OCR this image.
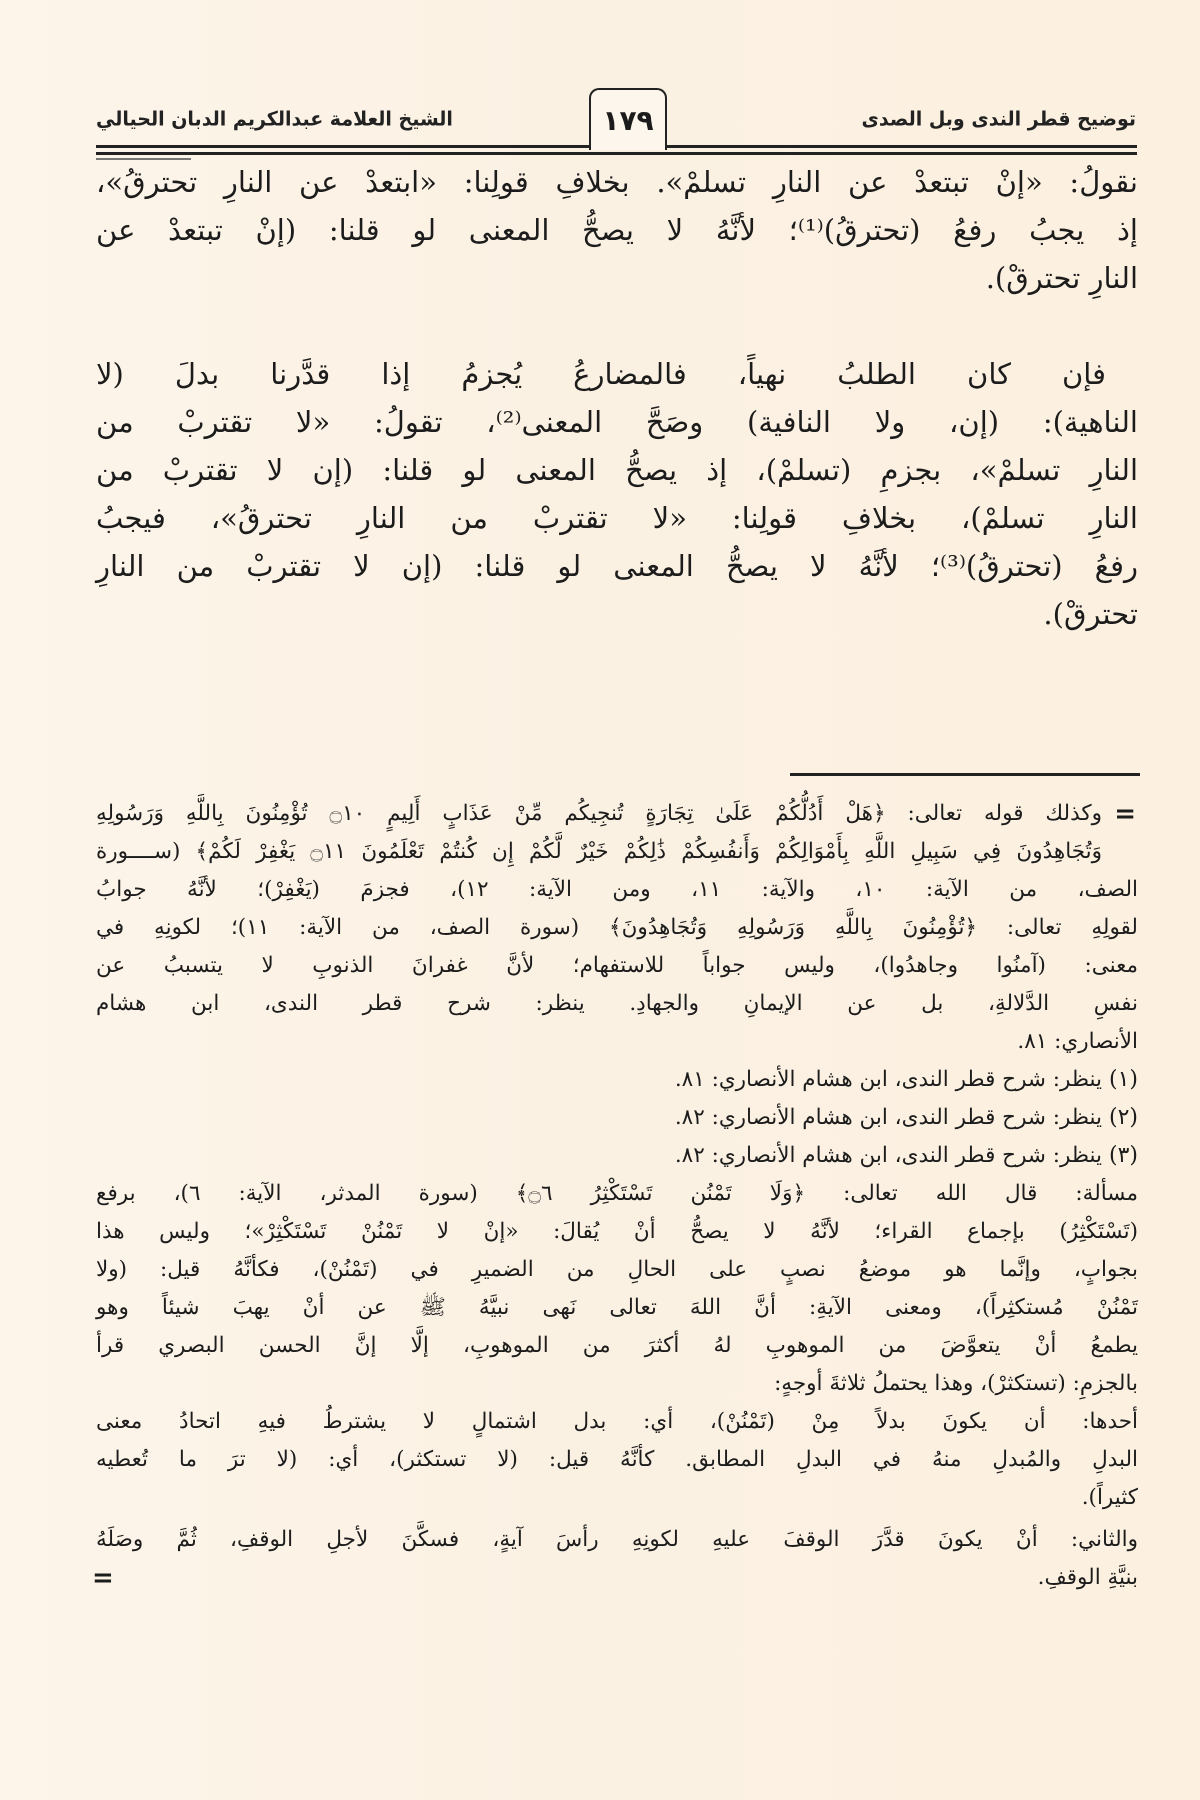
توضيح قطر الندى وبل الصدى
١٧٩
الشيخ العلامة عبدالكريم الدبان الحيالي
نقولُ: «إنْ تبتعدْ عن النارِ تسلمْ». بخلافِ قولِنا: «ابتعدْ عن النارِ تحترقُ»،
إذ يجبُ رفعُ (تحترقُ)⁽¹⁾؛ لأنَّهُ لا يصحُّ المعنى لو قلنا: (إنْ تبتعدْ عن
النارِ تحترقْ).
فإن كان الطلبُ نهياً، فالمضارعُ يُجزمُ إذا قدَّرنا بدلَ (لا
الناهية): (إن، ولا النافية) وصَحَّ المعنى⁽²⁾، تقولُ: «لا تقتربْ من
النارِ تسلمْ»، بجزمِ (تسلمْ)، إذ يصحُّ المعنى لو قلنا: (إن لا تقتربْ من
النارِ تسلمْ)، بخلافِ قولِنا: «لا تقتربْ من النارِ تحترقُ»، فيجبُ
رفعُ (تحترقُ)⁽³⁾؛ لأنَّهُ لا يصحُّ المعنى لو قلنا: (إن لا تقتربْ من النارِ
تحترقْ).
=
وكذلك قوله تعالى: ﴿هَلْ أَدُلُّكُمْ عَلَىٰ تِجَارَةٍ تُنجِيكُم مِّنْ عَذَابٍ أَلِيمٍ ۝١٠ تُؤْمِنُونَ بِاللَّهِ وَرَسُولِهِ
وَتُجَاهِدُونَ فِي سَبِيلِ اللَّهِ بِأَمْوَالِكُمْ وَأَنفُسِكُمْ ذَٰلِكُمْ خَيْرٌ لَّكُمْ إِن كُنتُمْ تَعْلَمُونَ ۝١١ يَغْفِرْ لَكُمْ﴾ (ســــورة
الصف، من الآية: ١٠، والآية: ١١، ومن الآية: ١٢)، فجزمَ (يَغْفِرْ)؛ لأنَّهُ جوابُ
لقولِهِ تعالى: ﴿تُؤْمِنُونَ بِاللَّهِ وَرَسُولِهِ وَتُجَاهِدُونَ﴾ (سورة الصف، من الآية: ١١)؛ لكونِهِ في
معنى: (آمنُوا وجاهدُوا)، وليس جواباً للاستفهام؛ لأنَّ غفرانَ الذنوبِ لا يتسببُ عن
نفسِ الدَّلالةِ، بل عن الإيمانِ والجهادِ. ينظر: شرح قطر الندى، ابن هشام
الأنصاري: ٨١.
(١)
ينظر: شرح قطر الندى، ابن هشام الأنصاري: ٨١.
(٢)
ينظر: شرح قطر الندى، ابن هشام الأنصاري: ٨٢.
(٣)
ينظر: شرح قطر الندى، ابن هشام الأنصاري: ٨٢.
مسألة: قال الله تعالى: ﴿وَلَا تَمْنُن تَسْتَكْثِرُ ۝٦﴾ (سورة المدثر، الآية: ٦)، برفع
(تَسْتَكْثِرُ) بإجماع القراء؛ لأنَّهُ لا يصحُّ أنْ يُقالَ: «إنْ لا تَمْنُنْ تَسْتَكْثِرْ»؛ وليس هذا
بجوابٍ، وإنَّما هو موضعُ نصبٍ على الحالِ من الضميرِ في (تَمْنُنْ)، فكأنَّهُ قيل: (ولا
تَمْنُنْ مُستكثِراً)، ومعنى الآيةِ: أنَّ اللهَ تعالى نَهى نبيَّهُ ﷺ عن أنْ يهبَ شيئاً وهو
يطمعُ أنْ يتعوَّضَ من الموهوبِ لهُ أكثرَ من الموهوبِ، إلَّا إنَّ الحسن البصري قرأ
بالجزمِ: (تستكثرْ)، وهذا يحتملُ ثلاثةَ أوجهٍ:
أحدها: أن يكونَ بدلاً مِنْ (تَمْنُنْ)، أي: بدل اشتمالٍ لا يشترطُ فيهِ اتحادُ معنى
البدلِ والمُبدلِ منهُ في البدلِ المطابق. كأنَّهُ قيل: (لا تستكثر)، أي: (لا ترَ ما تُعطيه
كثيراً).
والثاني: أنْ يكونَ قدَّرَ الوقفَ عليهِ لكونِهِ رأسَ آيةٍ، فسكَّنَ لأجلِ الوقفِ، ثُمَّ وصَلَهُ
بنيَّةِ الوقفِ.
=
